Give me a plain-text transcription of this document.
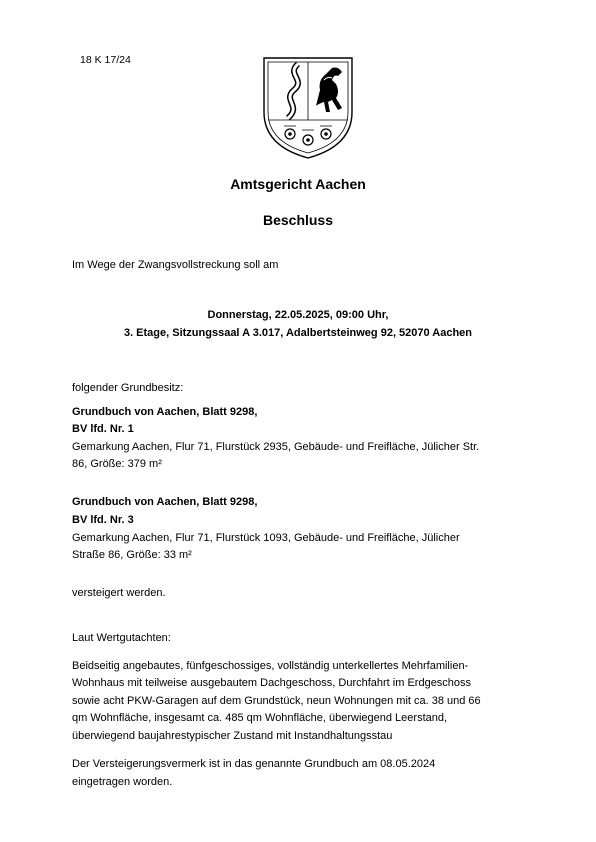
18 K 17/24
Amtsgericht Aachen
Beschluss
Im Wege der Zwangsvollstreckung soll am
Donnerstag, 22.05.2025, 09:00 Uhr,
3. Etage, Sitzungssaal A 3.017, Adalbertsteinweg 92, 52070 Aachen
folgender Grundbesitz:
Grundbuch von Aachen, Blatt 9298,
BV lfd. Nr. 1
Gemarkung Aachen, Flur 71, Flurstück 2935, Gebäude- und Freifläche, Jülicher Str.
86, Größe: 379 m²
Grundbuch von Aachen, Blatt 9298,
BV lfd. Nr. 3
Gemarkung Aachen, Flur 71, Flurstück 1093, Gebäude- und Freifläche, Jülicher
Straße 86, Größe: 33 m²
versteigert werden.
Laut Wertgutachten:
Beidseitig angebautes, fünfgeschossiges, vollständig unterkellertes Mehrfamilien-
Wohnhaus mit teilweise ausgebautem Dachgeschoss, Durchfahrt im Erdgeschoss
sowie acht PKW-Garagen auf dem Grundstück, neun Wohnungen mit ca. 38 und 66
qm Wohnfläche, insgesamt ca. 485 qm Wohnfläche, überwiegend Leerstand,
überwiegend baujahrestypischer Zustand mit Instandhaltungsstau
Der Versteigerungsvermerk ist in das genannte Grundbuch am 08.05.2024
eingetragen worden.
